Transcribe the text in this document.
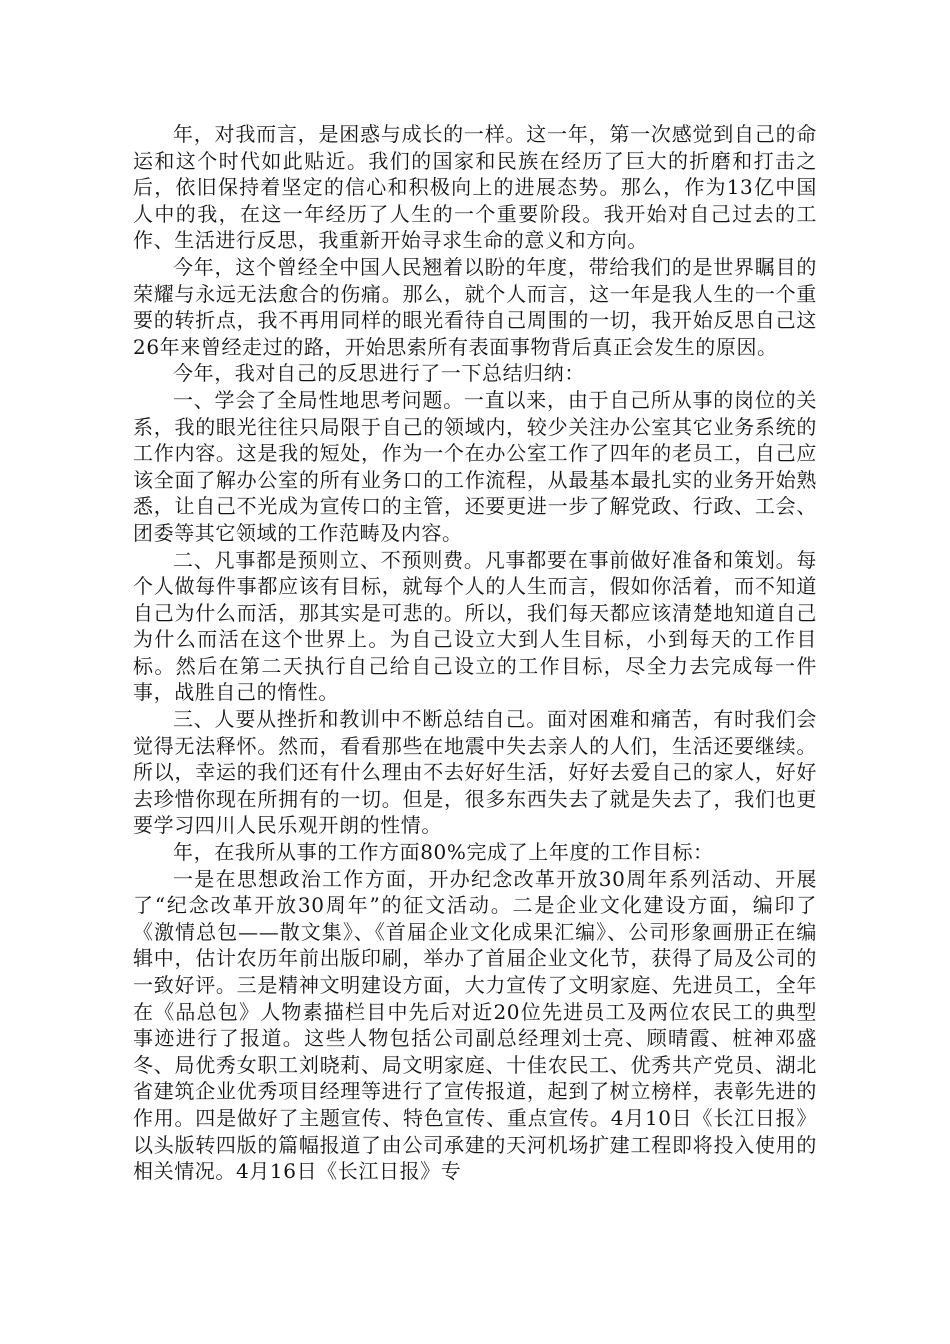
年，对我而言，是困惑与成长的一样。这一年，第一次感觉到自己的命运和这个时代如此贴近。我们的国家和民族在经历了巨大的折磨和打击之后，依旧保持着坚定的信心和积极向上的进展态势。那么，作为13亿中国人中的我，在这一年经历了人生的一个重要阶段。我开始对自己过去的工作、生活进行反思，我重新开始寻求生命的意义和方向。

今年，这个曾经全中国人民翘着以盼的年度，带给我们的是世界瞩目的荣耀与永远无法愈合的伤痛。那么，就个人而言，这一年是我人生的一个重要的转折点，我不再用同样的眼光看待自己周围的一切，我开始反思自己这26年来曾经走过的路，开始思索所有表面事物背后真正会发生的原因。

今年，我对自己的反思进行了一下总结归纳：

一、学会了全局性地思考问题。一直以来，由于自己所从事的岗位的关系，我的眼光往往只局限于自己的领域内，较少关注办公室其它业务系统的工作内容。这是我的短处，作为一个在办公室工作了四年的老员工，自己应该全面了解办公室的所有业务口的工作流程，从最基本最扎实的业务开始熟悉，让自己不光成为宣传口的主管，还要更进一步了解党政、行政、工会、团委等其它领域的工作范畴及内容。

二、凡事都是预则立、不预则费。凡事都要在事前做好准备和策划。每个人做每件事都应该有目标，就每个人的人生而言，假如你活着，而不知道自己为什么而活，那其实是可悲的。所以，我们每天都应该清楚地知道自己为什么而活在这个世界上。为自己设立大到人生目标，小到每天的工作目标。然后在第二天执行自己给自己设立的工作目标，尽全力去完成每一件事，战胜自己的惰性。

三、人要从挫折和教训中不断总结自己。面对困难和痛苦，有时我们会觉得无法释怀。然而，看看那些在地震中失去亲人的人们，生活还要继续。所以，幸运的我们还有什么理由不去好好生活，好好去爱自己的家人，好好去珍惜你现在所拥有的一切。但是，很多东西失去了就是失去了，我们也更要学习四川人民乐观开朗的性情。

年，在我所从事的工作方面80%完成了上年度的工作目标：

一是在思想政治工作方面，开办纪念改革开放30周年系列活动、开展了“纪念改革开放30周年”的征文活动。二是企业文化建设方面，编印了《激情总包——散文集》、《首届企业文化成果汇编》、公司形象画册正在编辑中，估计农历年前出版印刷，举办了首届企业文化节，获得了局及公司的一致好评。三是精神文明建设方面，大力宣传了文明家庭、先进员工，全年在《品总包》人物素描栏目中先后对近20位先进员工及两位农民工的典型事迹进行了报道。这些人物包括公司副总经理刘士亮、顾晴霞、桩神邓盛冬、局优秀女职工刘晓莉、局文明家庭、十佳农民工、优秀共产党员、湖北省建筑企业优秀项目经理等进行了宣传报道，起到了树立榜样，表彰先进的作用。四是做好了主题宣传、特色宣传、重点宣传。4月10日《长江日报》以头版转四版的篇幅报道了由公司承建的天河机场扩建工程即将投入使用的相关情况。4月16日《长江日报》专
